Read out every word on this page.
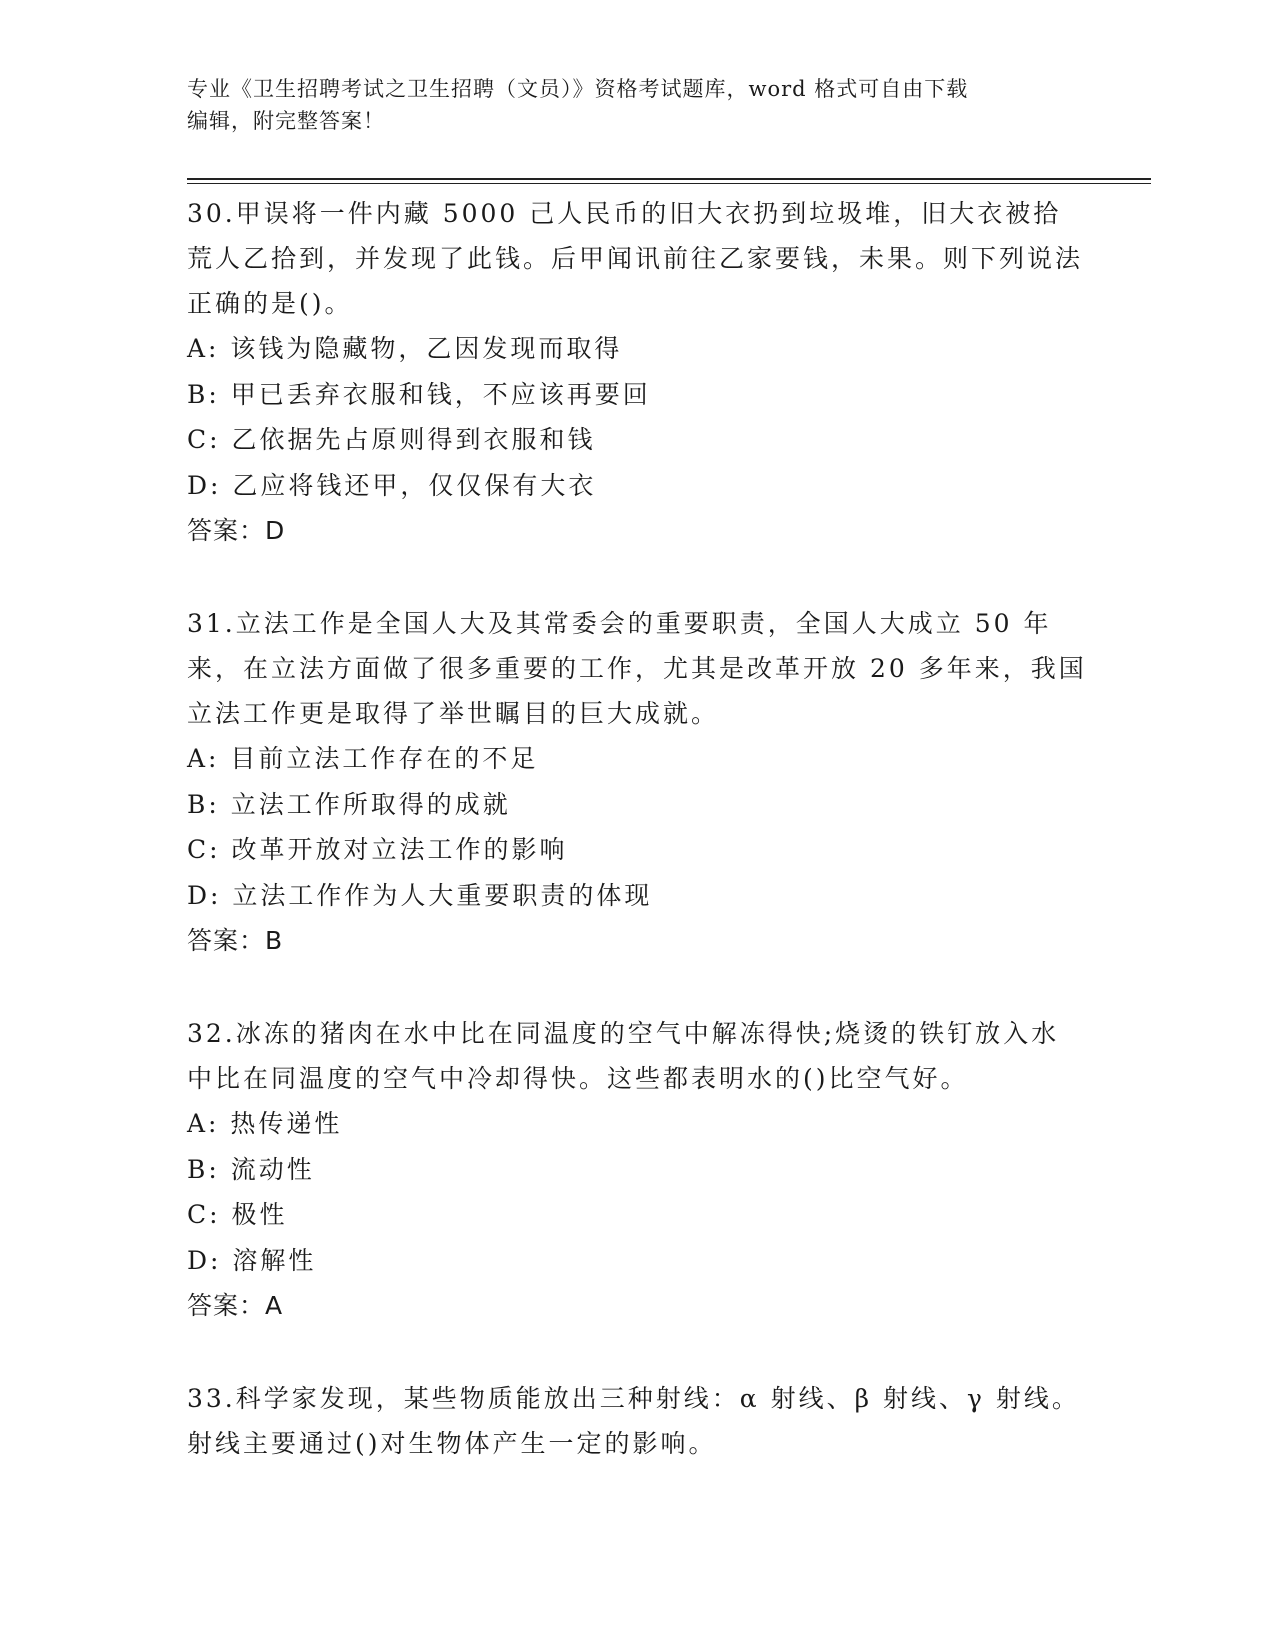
专业《卫生招聘考试之卫生招聘（文员）》资格考试题库，word 格式可自由下载
编辑，附完整答案！

30.甲误将一件内藏 5000 己人民币的旧大衣扔到垃圾堆，旧大衣被拾荒人乙拾到，并发现了此钱。后甲闻讯前往乙家要钱，未果。则下列说法正确的是()。

A: 该钱为隐藏物，乙因发现而取得

B: 甲已丢弃衣服和钱，不应该再要回

C: 乙依据先占原则得到衣服和钱

D: 乙应将钱还甲，仅仅保有大衣

答案：D

31.立法工作是全国人大及其常委会的重要职责，全国人大成立 50 年来，在立法方面做了很多重要的工作，尤其是改革开放 20 多年来，我国立法工作更是取得了举世瞩目的巨大成就。

A: 目前立法工作存在的不足

B: 立法工作所取得的成就

C: 改革开放对立法工作的影响

D: 立法工作作为人大重要职责的体现

答案：B

32.冰冻的猪肉在水中比在同温度的空气中解冻得快;烧烫的铁钉放入水中比在同温度的空气中冷却得快。这些都表明水的()比空气好。

A: 热传递性

B: 流动性

C: 极性

D: 溶解性

答案：A

33.科学家发现，某些物质能放出三种射线：α 射线、β 射线、γ 射线。射线主要通过()对生物体产生一定的影响。
